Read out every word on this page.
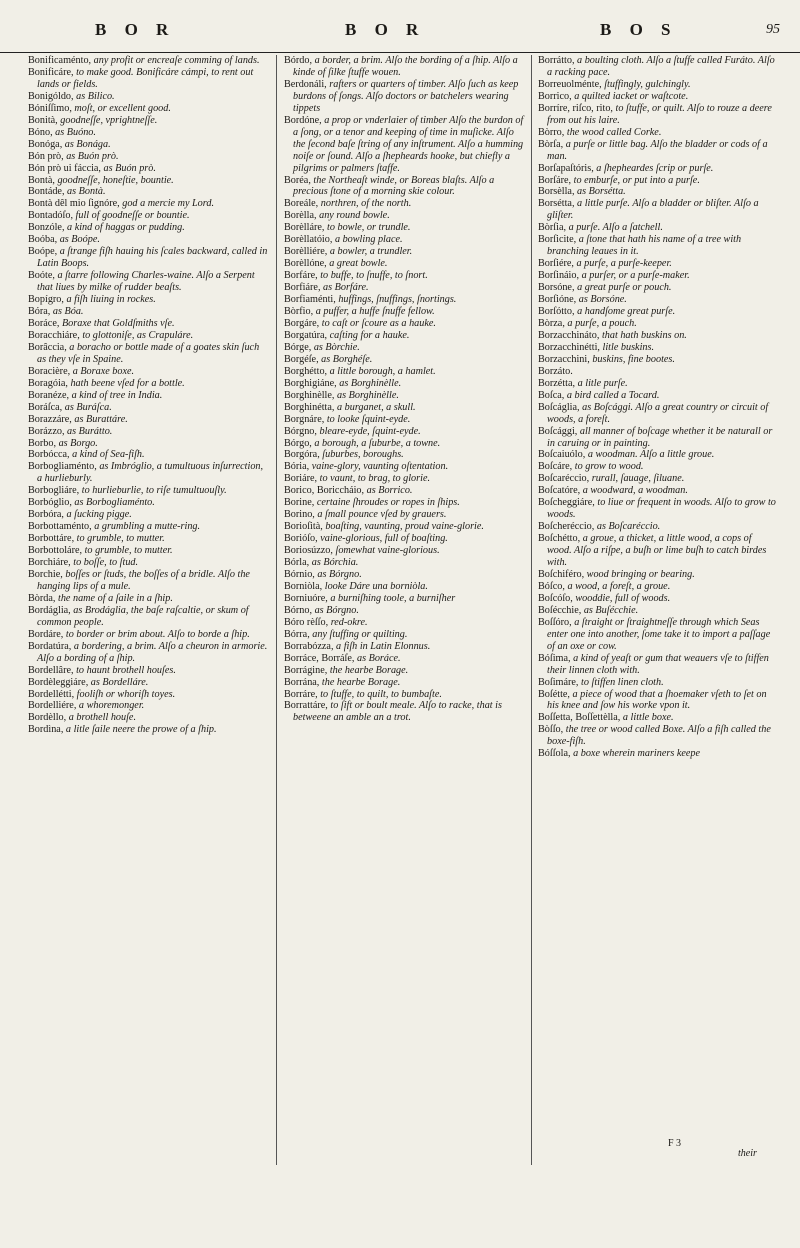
B O R	B O R	B O S	95

Bonificaménto, any profit or encreaſe comming of lands.

Bonificáre, to make good. Bonificáre cámpi, to rent out lands or fields.

Bonigóldo, as Bilico.

Bóniſſimo, moſt, or excellent good.

Bonità, goodneſſe, vprightneſſe.

Bóno, as Buóno.

Bonóga, as Bonága.

Bón prò, as Buón prò.

Bón prò ui fáccia, as Buón prò.

Bontà, goodneſſe, honeſtie, bountie.

Bontáde, as Bontà.

Bontà dêl mio ſignóre, god a mercie my Lord.

Bontadóſo, full of goodneſſe or bountie.

Bonzóle, a kind of haggas or pudding.

Boóba, as Boópe.

Boópe, a ſtrange fiſh hauing his ſcales backward, called in Latin Boops.

Boóte, a ſtarre following Charles-waine. Alſo a Serpent that liues by milke of rudder beaſts.

Bopígro, a fiſh liuing in rockes.

Bóra, as Bóa.

Boráce, Boraxe that Goldſmiths vſe.

Boracchiáre, to glottoniſe, as Crapuláre.

Borâccia, a boracho or bottle made of a goates skin ſuch as they vſe in Spaine.

Boracière, a Boraxe boxe.

Boragóia, hath beene vſed for a bottle.

Boranéze, a kind of tree in India.

Boráſca, as Buráſca.

Borazzáre, as Burattáre.

Borázzo, as Burátto.

Borbo, as Borgo.

Borbócca, a kind of Sea-fiſh.

Borbogliaménto, as Imbróglio, a tumultuous inſurrection, a hurlieburly.

Borbogliáre, to hurlieburlie, to riſe tumultuouſly.

Borbóglio, as Borbogliaménto.

Borbóra, a ſucking pigge.

Borbottaménto, a grumbling a mutte-ring.

Borbottáre, to grumble, to mutter.

Borbottoláre, to grumble, to mutter.

Borchiáre, to boſſe, to ſtud.

Borchie, boſſes or ſtuds, the boſſes of a bridle. Alſo the hanging lips of a mule.

Bòrda, the name of a ſaile in a ſhip.

Bordáglia, as Brodáglia, the baſe raſcaltie, or skum of common people.

Bordáre, to border or brim about. Alſo to borde a ſhip.

Bordatúra, a bordering, a brim. Alſo a cheuron in armorie. Alſo a bording of a ſhip.

Bordellâre, to haunt brothell houſes.

Bordèleggiáre, as Bordelláre.

Bordellétti, fooliſh or whoriſh toyes.

Bordelliére, a whoremonger.

Bordèllo, a brothell houſe.

Bordìna, a litle ſaile neere the prowe of a ſhip.

Bórdo, a border, a brim. Alſo the bording of a ſhip. Alſo a kinde of ſilke ſtuffe wouen.

Berdonáli, rafters or quarters of timber. Alſo ſuch as keep burdons of ſongs. Alſo doctors or batchelers wearing tippets

Bordóne, a prop or vnderlaier of timber Alſo the burdon of a ſong, or a tenor and keeping of time in muſicke. Alſo the ſecond baſe ſtring of any inſtrument. Alſo a humming noiſe or ſound. Alſo a ſhepheards hooke, but chiefly a pilgrims or palmers ſtaffe.

Boréa, the Northeaſt winde, or Boreas blaſts. Alſo a precious ſtone of a morning skie colour.

Boreále, northren, of the north.

Borèlla, any round bowle.

Borèlláre, to bowle, or trundle.

Borèllatóio, a bowling place.

Borèlliére, a bowler, a trundler.

Borèllóne, a great bowle.

Borfáre, to buffe, to ſnuffe, to ſnort.

Borfiáre, as Borfáre.

Borfiaménti, huffings, ſnuffings, ſnortings.

Bòrfio, a puffer, a huffe ſnuffe fellow.

Borgáre, to caſt or ſcoure as a hauke.

Borgatúra, caſting for a hauke.

Bórge, as Bòrchie.

Borgéſe, as Borghéſe.

Borghétto, a little borough, a hamlet.

Borghigiáne, as Borghinèlle.

Borghinèlle, as Borghinèlle.

Borghinétta, a burganet, a skull.

Borgnáre, to looke ſquint-eyde.

Bórgno, bleare-eyde, ſquint-eyde.

Bórgo, a borough, a ſuburbe, a towne.

Borgóra, ſuburbes, boroughs.

Bória, vaine-glory, vaunting oſtentation.

Boriáre, to vaunt, to brag, to glorie.

Borico, Boriccháio, as Borrico.

Borine, certaine ſhroudes or ropes in ſhips.

Borino, a ſmall pounce vſed by grauers.

Borioſità, boaſting, vaunting, proud vaine-glorie.

Borióſo, vaine-glorious, full of boaſting.

Boriosúzzo, ſomewhat vaine-glorious.

Bórla, as Bórchia.

Bórnio, as Bórgno.

Borniòla, looke Dáre una borniòla.

Borniuóre, a burniſhing toole, a burniſher

Bórno, as Bórgno.

Bóro rèſſo, red-okre.

Bórra, any ſtuffing or quilting.

Borrabózza, a fiſh in Latin Elonnus.

Borráce, Borráſe, as Boráce.

Borrágine, the hearbe Borage.

Borrána, the hearbe Borage.

Borráre, to ſtuffe, to quilt, to bumbaſte.

Borrattáre, to ſift or boult meale. Alſo to racke, that is betweene an amble an a trot.

Borrátto, a boulting cloth. Alſo a ſtuffe called Furáto. Alſo a racking pace.

Borreuolménte, ſtuffingly, gulchingly.

Borrico, a quilted iacket or waſtcote.

Borríre, riſco, rito, to ſtuffe, or quilt. Alſo to rouze a deere from out his laire.

Bòrro, the wood called Corke.

Bòrſa, a purſe or little bag. Alſo the bladder or cods of a man.

Borſapaſtóris, a ſhepheardes ſcrip or purſe.

Borſáre, to emburſe, or put into a purſe.

Borsèlla, as Borsétta.

Borsétta, a little purſe. Alſo a bladder or bliſter. Alſo a gliſter.

Bòrſia, a purſe. Alſo a ſatchell.

Borſicite, a ſtone that hath his name of a tree with branching leaues in it.

Borſiére, a purſe, a purſe-keeper.

Borſináio, a purſer, or a purſe-maker.

Borsóne, a great purſe or pouch.

Borſióne, as Borsóne.

Borſótto, a handſome great purſe.

Bòrza, a purſe, a pouch.

Borzacchináto, that hath buskins on.

Borzacchinétti, litle buskins.

Borzacchini, buskins, fine bootes.

Borzáto.

Borzétta, a litle purſe.

Boſca, a bird called a Tocard.

Boſcáglia, as Boſcággi. Alſo a great country or circuit of woods, a foreſt.

Boſcággi, all manner of boſcage whether it be naturall or in caruing or in painting.

Boſcaiuólo, a woodman. Alſo a little groue.

Boſcáre, to grow to wood.

Boſcaréccio, rurall, ſauage, ſiluane.

Boſcatóre, a woodward, a woodman.

Boſcheggiáre, to liue or frequent in woods. Alſo to grow to woods.

Boſcheréccio, as Boſcaréccio.

Boſchétto, a groue, a thicket, a little wood, a cops of wood. Alſo a riſpe, a buſh or lime buſh to catch birdes with.

Boſchiféro, wood bringing or bearing.

Bóſco, a wood, a foreſt, a groue.

Boſcóſo, wooddie, full of woods.

Boſécchie, as Buſécchie.

Boſſóro, a ſtraight or ſtraightneſſe through which Seas enter one into another, ſome take it to import a paſſage of an oxe or cow.

Bóſima, a kind of yeaſt or gum that weauers vſe to ſtiffen their linnen cloth with.

Boſimáre, to ſtiffen linen cloth.

Boſétte, a piece of wood that a ſhoemaker vſeth to ſet on his knee and ſow his worke vpon it.

Boſſetta, Boſſettèlla, a little boxe.

Bòſſo, the tree or wood called Boxe. Alſo a fiſh called the boxe-fiſh.

Bóſſola, a boxe wherein mariners keepe

F 3
their
